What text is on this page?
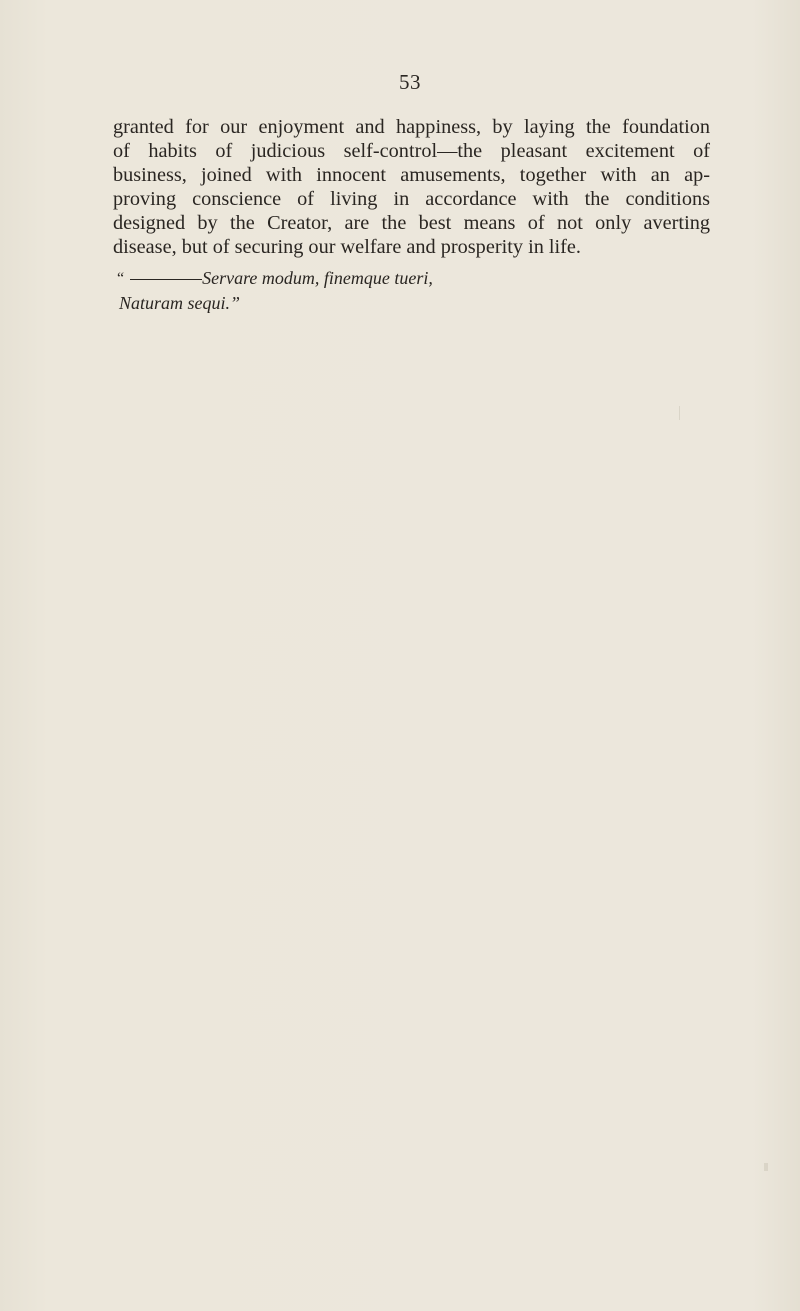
53
granted for our enjoyment and happiness, by laying the foundation
of habits of judicious self-control—the pleasant excitement of
business, joined with innocent amusements, together with an ap-
proving conscience of living in accordance with the conditions
designed by the Creator, are the best means of not only averting
disease, but of securing our welfare and prosperity in life.
“	Servare modum, finemque tueri,
Naturam sequi.”
